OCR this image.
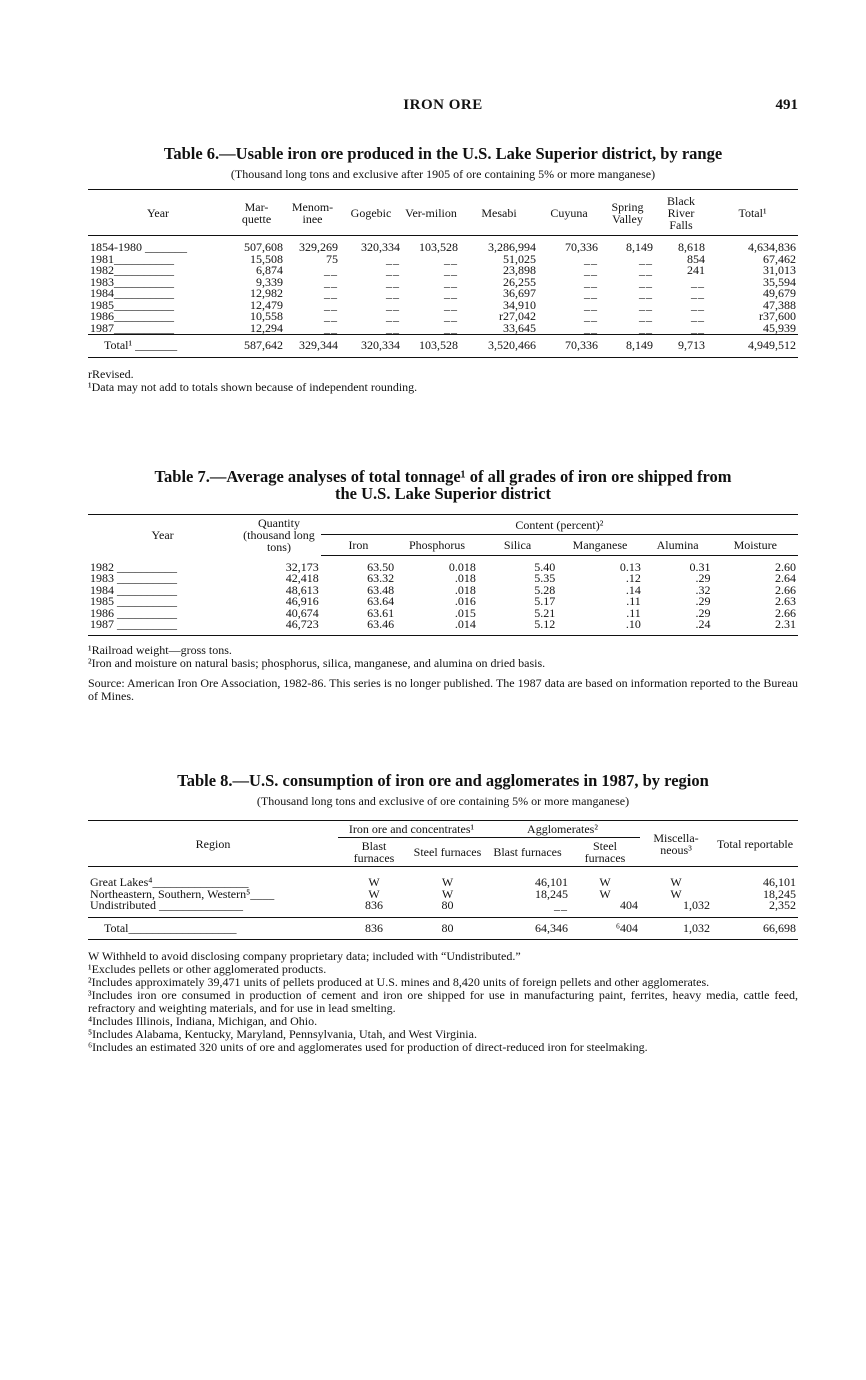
IRON ORE	491
Table 6.—Usable iron ore produced in the U.S. Lake Superior district, by range
(Thousand long tons and exclusive after 1905 of ore containing 5% or more manganese)
Year	Mar-quette	Menom-inee	Gogebic	Ver-milion	Mesabi	Cuyuna	Spring Valley	Black River Falls	Total¹

1854-1980 _______	507,608	329,269	320,334	103,528	3,286,994	70,336	8,149	8,618	4,634,836
1981__________	15,508	75	__	__	51,025	__	__	854	67,462
1982__________	6,874	__	__	__	23,898	__	__	241	31,013
1983__________	9,339	__	__	__	26,255	__	__	__	35,594
1984__________	12,982	__	__	__	36,697	__	__	__	49,679
1985__________	12,479	__	__	__	34,910	__	__	__	47,388
1986__________	10,558	__	__	__	r27,042	__	__	__	r37,600
1987__________	12,294	__	__	__	33,645	__	__	__	45,939
Total¹ _______	587,642	329,344	320,334	103,528	3,520,466	70,336	8,149	9,713	4,949,512
rRevised.
¹Data may not add to totals shown because of independent rounding.
Table 7.—Average analyses of total tonnage¹ of all grades of iron ore shipped from
the U.S. Lake Superior district
Year	Quantity (thousand long tons)	Content (percent)²					
		Iron	Phosphorus	Silica	Manganese	Alumina	Moisture

1982 __________	32,173	63.50	0.018	5.40	0.13	0.31	2.60
1983 __________	42,418	63.32	.018	5.35	.12	.29	2.64
1984 __________	48,613	63.48	.018	5.28	.14	.32	2.66
1985 __________	46,916	63.64	.016	5.17	.11	.29	2.63
1986 __________	40,674	63.61	.015	5.21	.11	.29	2.66
1987 __________	46,723	63.46	.014	5.12	.10	.24	2.31

¹Railroad weight—gross tons.
²Iron and moisture on natural basis; phosphorus, silica, manganese, and alumina on dried basis.
Source: American Iron Ore Association, 1982-86. This series is no longer published. The 1987 data are based on information reported to the Bureau of Mines.
Table 8.—U.S. consumption of iron ore and agglomerates in 1987, by region
(Thousand long tons and exclusive of ore containing 5% or more manganese)
Region	Iron ore and concentrates¹		Agglomerates²		Miscella-neous³	Total reportable
	Blast furnaces	Steel furnaces	Blast furnaces	Steel furnaces		

Great Lakes⁴________________	W	W	46,101	W	W	46,101
Northeastern, Southern, Western⁵____	W	W	18,245	W	W	18,245
Undistributed ______________	836	80	__	404	1,032	2,352

Total__________________	836	80	64,346	⁶404	1,032	66,698
W Withheld to avoid disclosing company proprietary data; included with “Undistributed.”
¹Excludes pellets or other agglomerated products.
²Includes approximately 39,471 units of pellets produced at U.S. mines and 8,420 units of foreign pellets and other agglomerates.
³Includes iron ore consumed in production of cement and iron ore shipped for use in manufacturing paint, ferrites, heavy media, cattle feed, refractory and weighting materials, and for use in lead smelting.
⁴Includes Illinois, Indiana, Michigan, and Ohio.
⁵Includes Alabama, Kentucky, Maryland, Pennsylvania, Utah, and West Virginia.
⁶Includes an estimated 320 units of ore and agglomerates used for production of direct-reduced iron for steelmaking.
